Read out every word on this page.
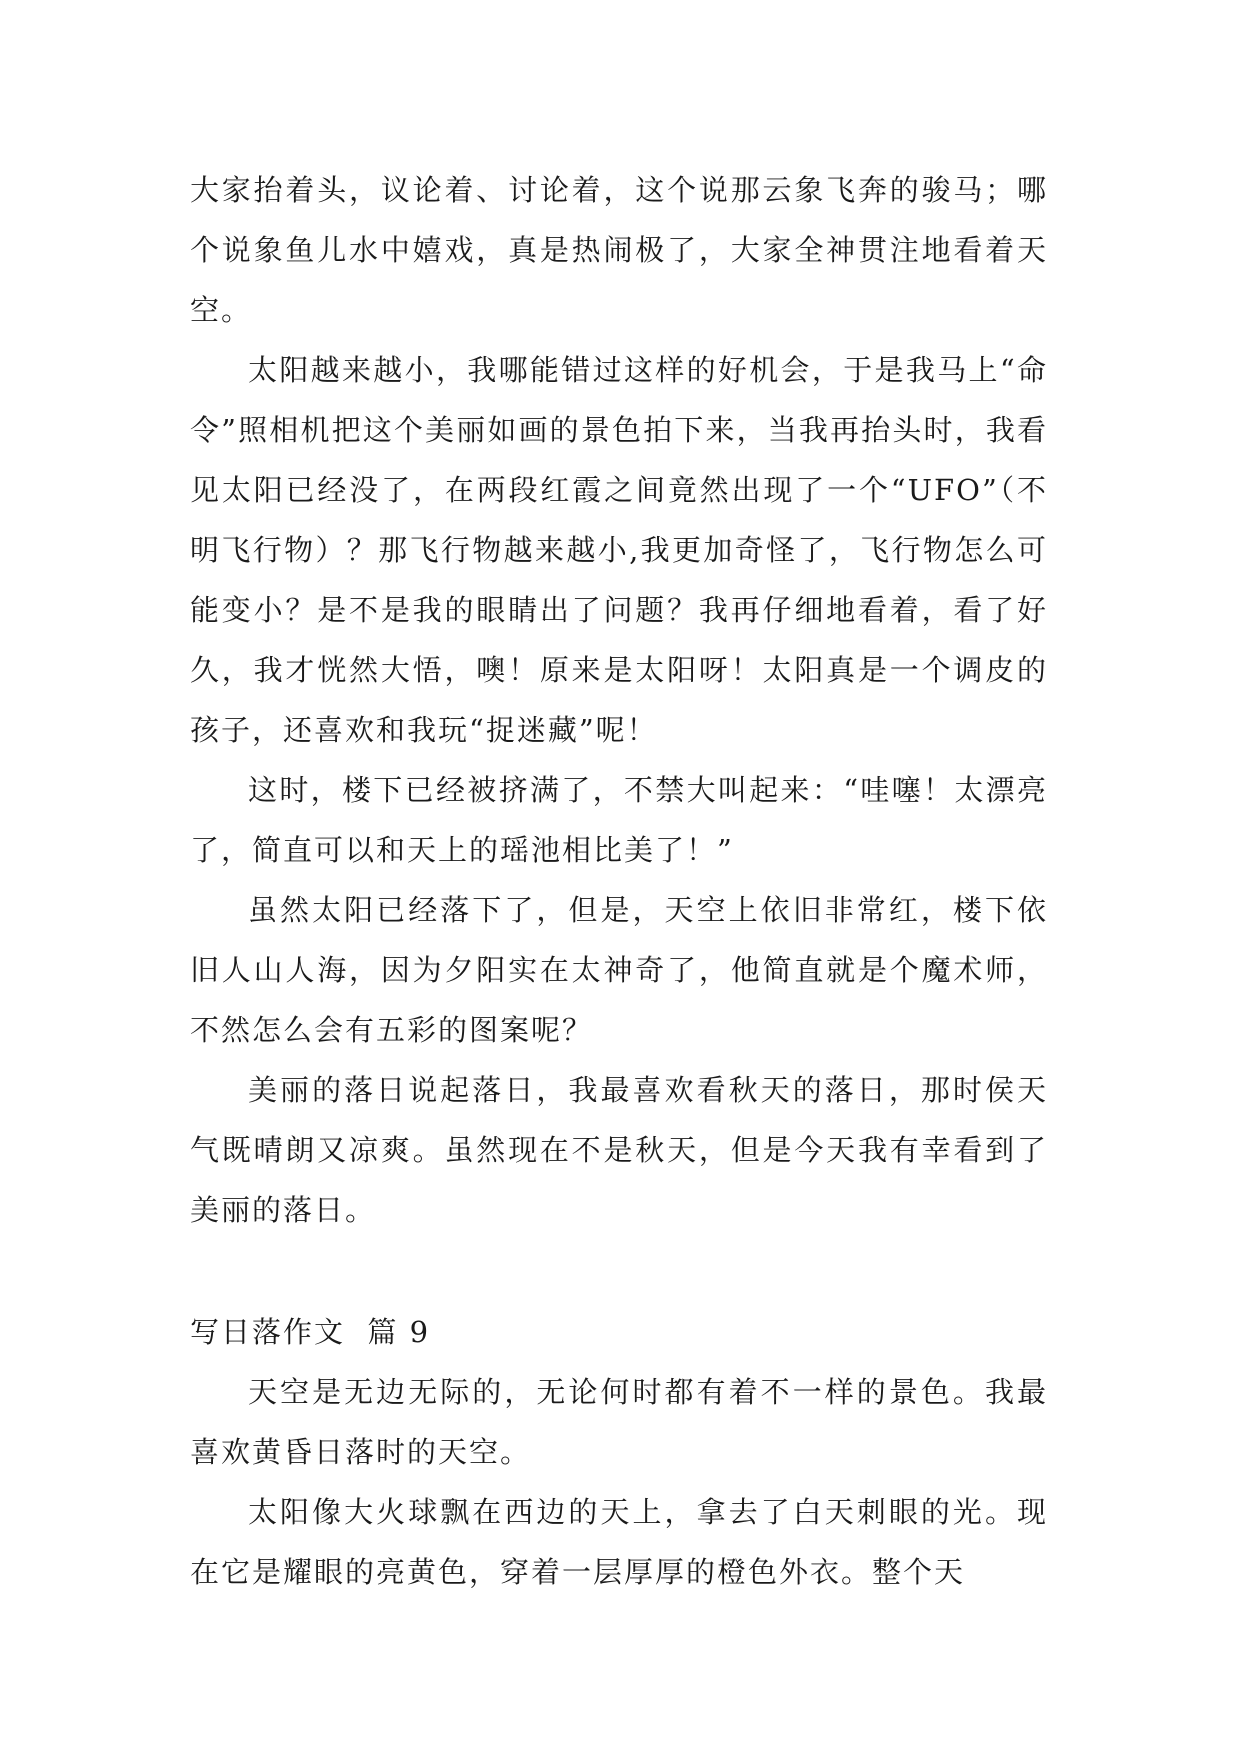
大家抬着头，议论着、讨论着，这个说那云象飞奔的骏马；哪个说象鱼儿水中嬉戏，真是热闹极了，大家全神贯注地看着天空。

太阳越来越小，我哪能错过这样的好机会，于是我马上“命令”照相机把这个美丽如画的景色拍下来，当我再抬头时，我看见太阳已经没了，在两段红霞之间竟然出现了一个“UFO”（不明飞行物）？那飞行物越来越小,我更加奇怪了，飞行物怎么可能变小？是不是我的眼睛出了问题？我再仔细地看着，看了好久，我才恍然大悟，噢！原来是太阳呀！太阳真是一个调皮的孩子，还喜欢和我玩“捉迷藏”呢！

这时，楼下已经被挤满了，不禁大叫起来：“哇噻！太漂亮了，简直可以和天上的瑶池相比美了！”

虽然太阳已经落下了，但是，天空上依旧非常红，楼下依旧人山人海，因为夕阳实在太神奇了，他简直就是个魔术师，不然怎么会有五彩的图案呢？

美丽的落日说起落日，我最喜欢看秋天的落日，那时侯天气既晴朗又凉爽。虽然现在不是秋天，但是今天我有幸看到了美丽的落日。

写日落作文  篇 9

天空是无边无际的，无论何时都有着不一样的景色。我最喜欢黄昏日落时的天空。

太阳像大火球飘在西边的天上，拿去了白天刺眼的光。现在它是耀眼的亮黄色，穿着一层厚厚的橙色外衣。整个天
